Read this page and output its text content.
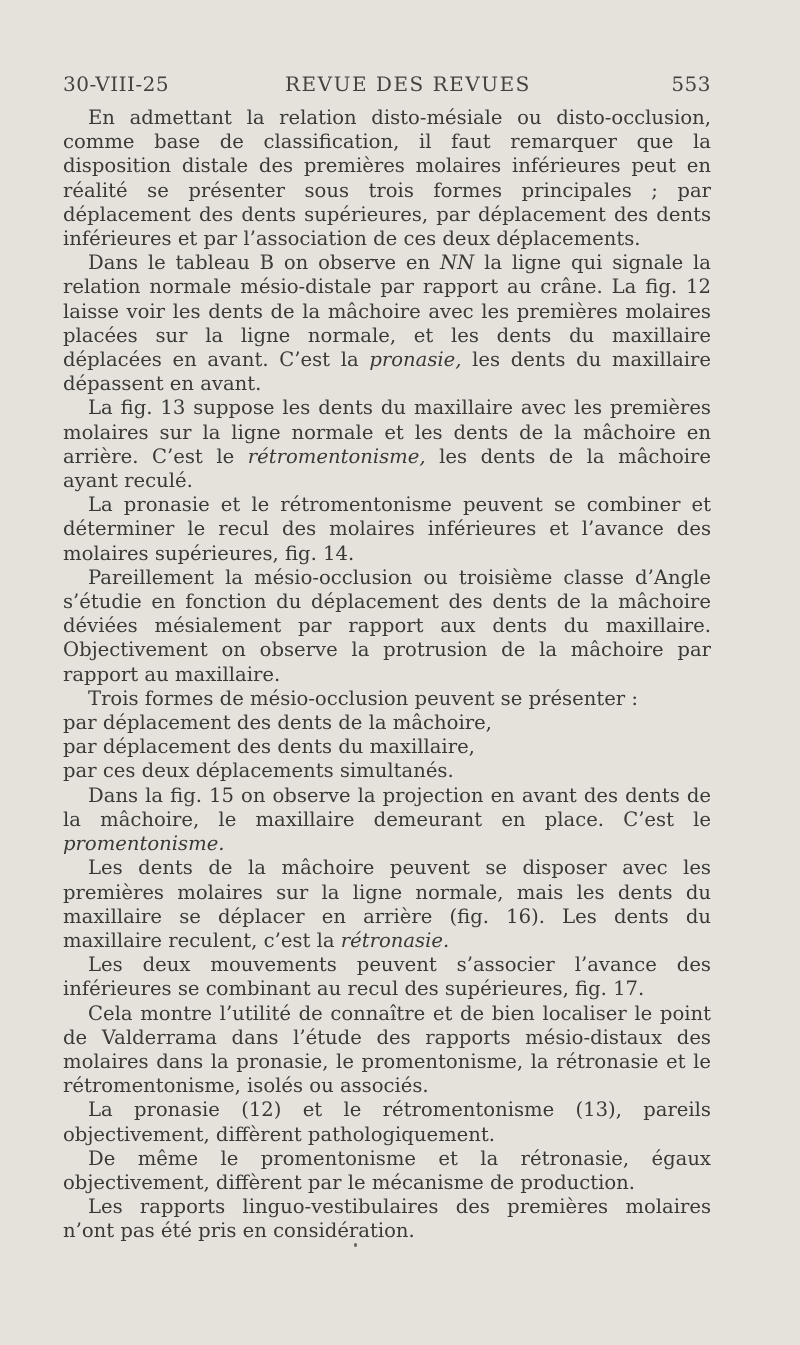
30-VIII-25	REVUE DES REVUES	553

En admettant la relation disto-mésiale ou disto-occlusion, comme base de classification, il faut remarquer que la disposition distale des premières molaires inférieures peut en réalité se présenter sous trois formes principales ; par déplacement des dents supérieures, par déplacement des dents inférieures et par l’association de ces deux déplacements.

Dans le tableau B on observe en NN la ligne qui signale la relation normale mésio-distale par rapport au crâne. La fig. 12 laisse voir les dents de la mâchoire avec les premières molaires placées sur la ligne normale, et les dents du maxillaire déplacées en avant. C’est la pronasie, les dents du maxillaire dépassent en avant.

La fig. 13 suppose les dents du maxillaire avec les premières molaires sur la ligne normale et les dents de la mâchoire en arrière. C’est le rétromentonisme, les dents de la mâchoire ayant reculé.

La pronasie et le rétromentonisme peuvent se combiner et déterminer le recul des molaires inférieures et l’avance des molaires supérieures, fig. 14.

Pareillement la mésio-occlusion ou troisième classe d’Angle s’étudie en fonction du déplacement des dents de la mâchoire déviées mésialement par rapport aux dents du maxillaire. Objectivement on observe la protrusion de la mâchoire par rapport au maxillaire.

Trois formes de mésio-occlusion peuvent se présenter :

par déplacement des dents de la mâchoire,

par déplacement des dents du maxillaire,

par ces deux déplacements simultanés.

Dans la fig. 15 on observe la projection en avant des dents de la mâchoire, le maxillaire demeurant en place. C’est le promentonisme.

Les dents de la mâchoire peuvent se disposer avec les premières molaires sur la ligne normale, mais les dents du maxillaire se déplacer en arrière (fig. 16). Les dents du maxillaire reculent, c’est la rétronasie.

Les deux mouvements peuvent s’associer l’avance des inférieures se combinant au recul des supérieures, fig. 17.

Cela montre l’utilité de connaître et de bien localiser le point de Valderrama dans l’étude des rapports mésio-distaux des molaires dans la pronasie, le promentonisme, la rétronasie et le rétromentonisme, isolés ou associés.

La pronasie (12) et le rétromentonisme (13), pareils objectivement, diffèrent pathologiquement.

De même le promentonisme et la rétronasie, égaux objectivement, diffèrent par le mécanisme de production.

Les rapports linguo-vestibulaires des premières molaires n’ont pas été pris en considération.
